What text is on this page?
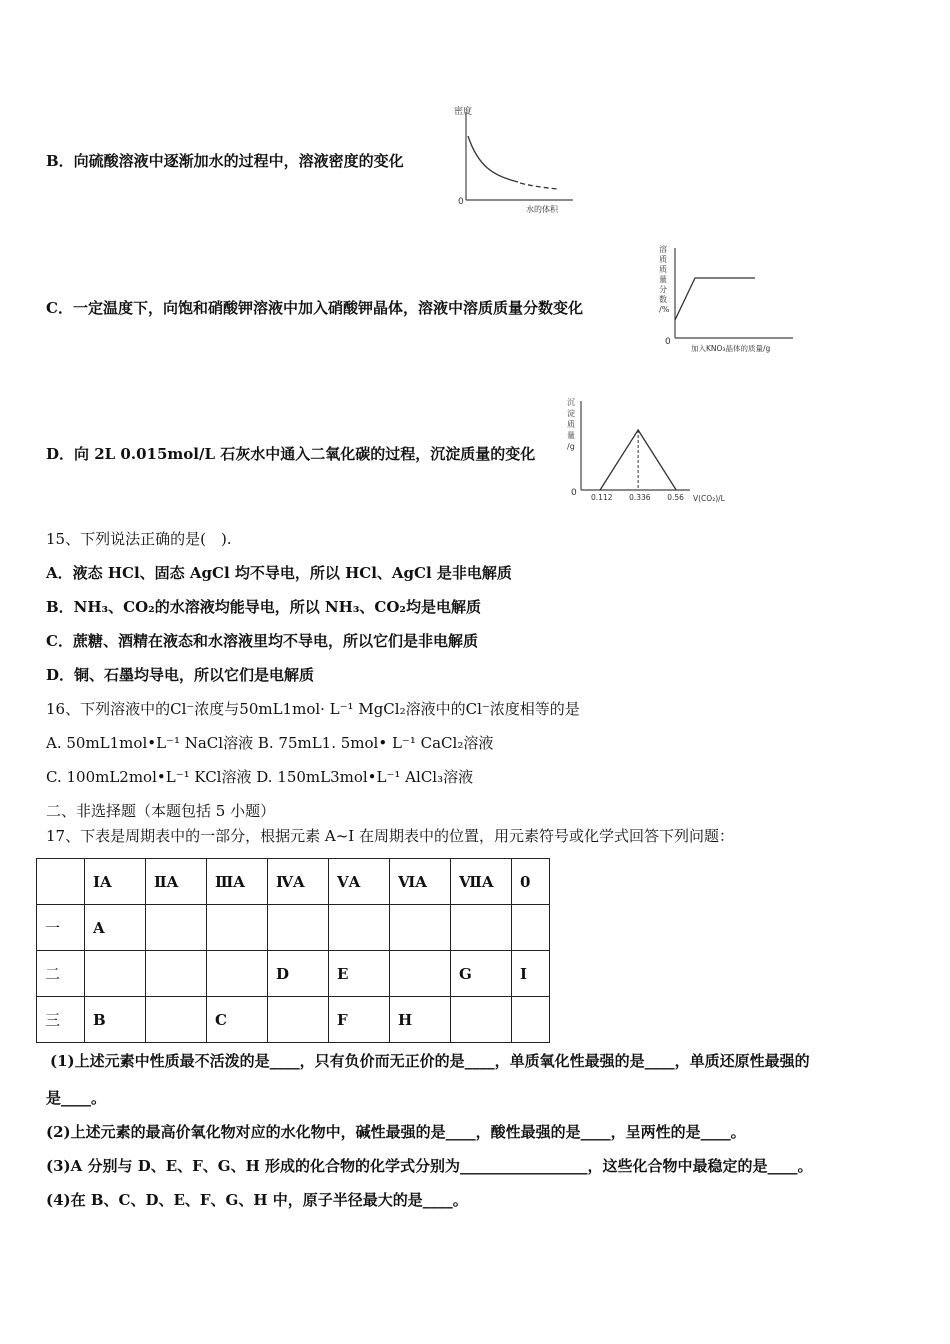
B．向硫酸溶液中逐渐加水的过程中，溶液密度的变化
密度
0
水的体积
C．一定温度下，向饱和硝酸钾溶液中加入硝酸钾晶体，溶液中溶质质量分数变化
溶
质
质
量
分
数
/%
0
加入KNO₃晶体的质量/g
D．向 2L 0.015mol/L 石灰水中通入二氧化碳的过程，沉淀质量的变化
沉
淀
质
量
/g
0 0.112 0.336 0.56 V(CO₂)/L
15、下列说法正确的是(　).
A．液态 HCl、固态 AgCl 均不导电，所以 HCl、AgCl 是非电解质
B．NH₃、CO₂的水溶液均能导电，所以 NH₃、CO₂均是电解质
C．蔗糖、酒精在液态和水溶液里均不导电，所以它们是非电解质
D．铜、石墨均导电，所以它们是电解质
16、下列溶液中的Cl⁻浓度与50mL1mol· L⁻¹ MgCl₂溶液中的Cl⁻浓度相等的是
A. 50mL1mol•L⁻¹ NaCl溶液 B. 75mL1. 5mol• L⁻¹ CaCl₂溶液
C. 100mL2mol•L⁻¹ KCl溶液 D. 150mL3mol•L⁻¹ AlCl₃溶液
二、非选择题（本题包括 5 小题）
17、下表是周期表中的一部分，根据元素 A~I 在周期表中的位置，用元素符号或化学式回答下列问题：
	ⅠA	ⅡA	ⅢA	ⅣA	ⅤA	ⅥA	ⅦA	0
一	A							
二				D	E		G	I
三	B		C		F	H		
(1)上述元素中性质最不活泼的是____，只有负价而无正价的是____，单质氧化性最强的是____，单质还原性最强的
是____。
(2)上述元素的最高价氧化物对应的水化物中，碱性最强的是____，酸性最强的是____，呈两性的是____。
(3)A 分别与 D、E、F、G、H 形成的化合物的化学式分别为_________________，这些化合物中最稳定的是____。
(4)在 B、C、D、E、F、G、H 中，原子半径最大的是____。
